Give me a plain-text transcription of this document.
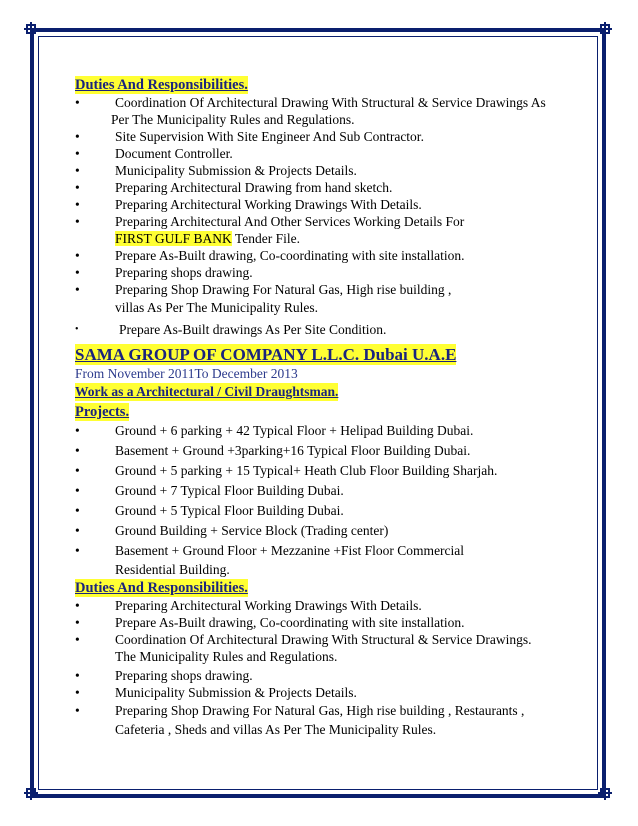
Duties And Responsibilities.
•	Coordination Of Architectural Drawing With Structural & Service Drawings As
Per The Municipality Rules and Regulations.
•	Site Supervision With Site Engineer And Sub Contractor.
•	Document Controller.
•	Municipality Submission & Projects Details.
•	Preparing Architectural Drawing from hand sketch.
•	Preparing Architectural Working Drawings With Details.
•	Preparing Architectural And Other Services Working Details For
FIRST GULF BANK Tender File.
•	Prepare As-Built drawing, Co-coordinating with site installation.
•	Preparing shops drawing.
•	Preparing Shop Drawing For Natural Gas, High rise building ,
villas As Per The Municipality Rules.
•	Prepare As-Built drawings As Per Site Condition.
SAMA GROUP OF COMPANY L.L.C. Dubai U.A.E
From November 2011To December 2013
Work as a Architectural / Civil Draughtsman.
Projects.
•	Ground + 6 parking + 42 Typical Floor + Helipad Building Dubai.
•	Basement + Ground +3parking+16 Typical Floor Building Dubai.
•	Ground + 5 parking + 15 Typical+ Heath Club Floor Building Sharjah.
•	Ground + 7 Typical Floor Building Dubai.
•	Ground + 5 Typical Floor Building Dubai.
•	Ground Building + Service Block (Trading center)
•	Basement + Ground Floor + Mezzanine +Fist Floor Commercial
Residential Building.
Duties And Responsibilities.
•	Preparing Architectural Working Drawings With Details.
•	Prepare As-Built drawing, Co-coordinating with site installation.
•	Coordination Of Architectural Drawing With Structural & Service Drawings.
The Municipality Rules and Regulations.
•	Preparing shops drawing.
•	Municipality Submission & Projects Details.
•	Preparing Shop Drawing For Natural Gas, High rise building , Restaurants ,
Cafeteria , Sheds and villas As Per The Municipality Rules.
